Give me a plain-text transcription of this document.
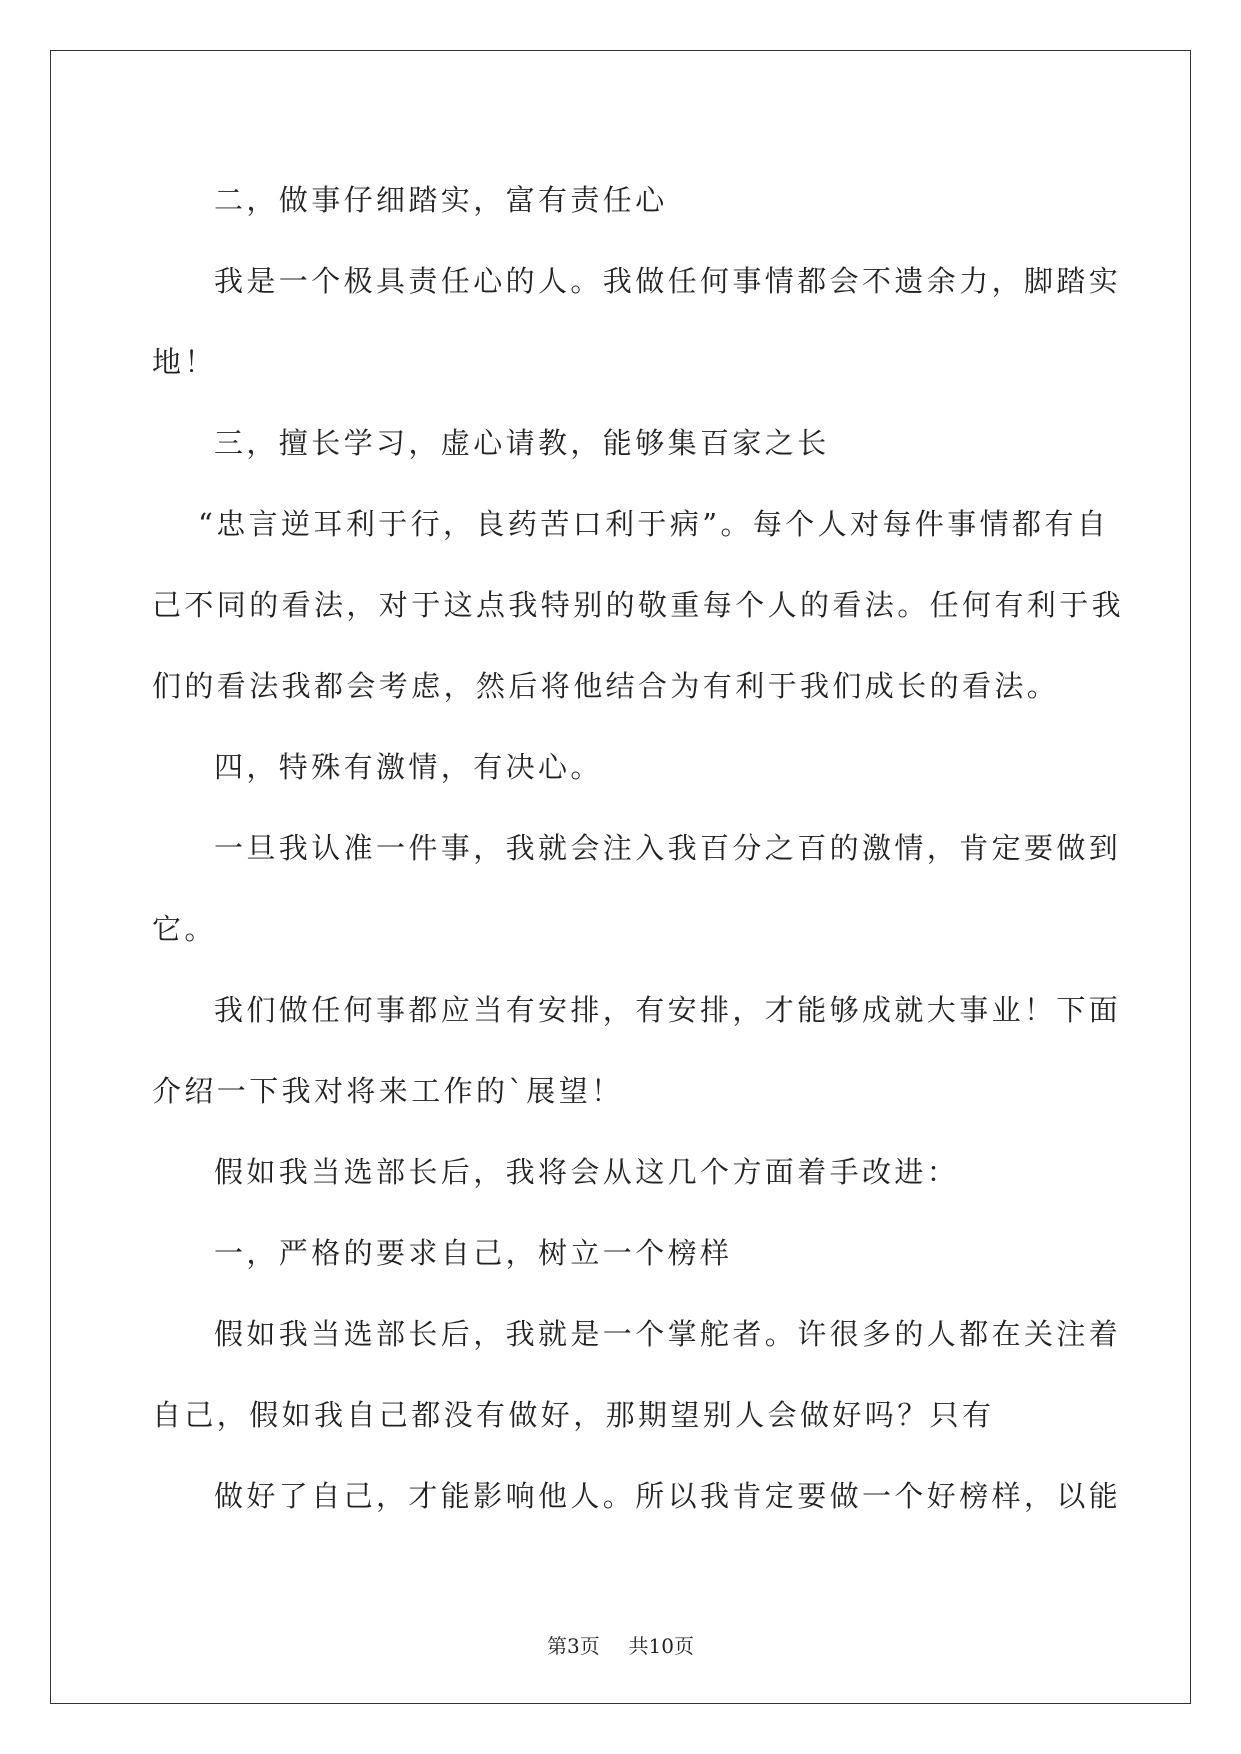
二，做事仔细踏实，富有责任心
我是一个极具责任心的人。我做任何事情都会不遗余力，脚踏实
地！
三，擅长学习，虚心请教，能够集百家之长
“忠言逆耳利于行，良药苦口利于病”。每个人对每件事情都有自
己不同的看法，对于这点我特别的敬重每个人的看法。任何有利于我
们的看法我都会考虑，然后将他结合为有利于我们成长的看法。
四，特殊有激情，有决心。
一旦我认准一件事，我就会注入我百分之百的激情，肯定要做到
它。
我们做任何事都应当有安排，有安排，才能够成就大事业！下面
介绍一下我对将来工作的`展望！
假如我当选部长后，我将会从这几个方面着手改进：
一，严格的要求自己，树立一个榜样
假如我当选部长后，我就是一个掌舵者。许很多的人都在关注着
自己，假如我自己都没有做好，那期望别人会做好吗？只有
做好了自己，才能影响他人。所以我肯定要做一个好榜样，以能
第3页 共10页
